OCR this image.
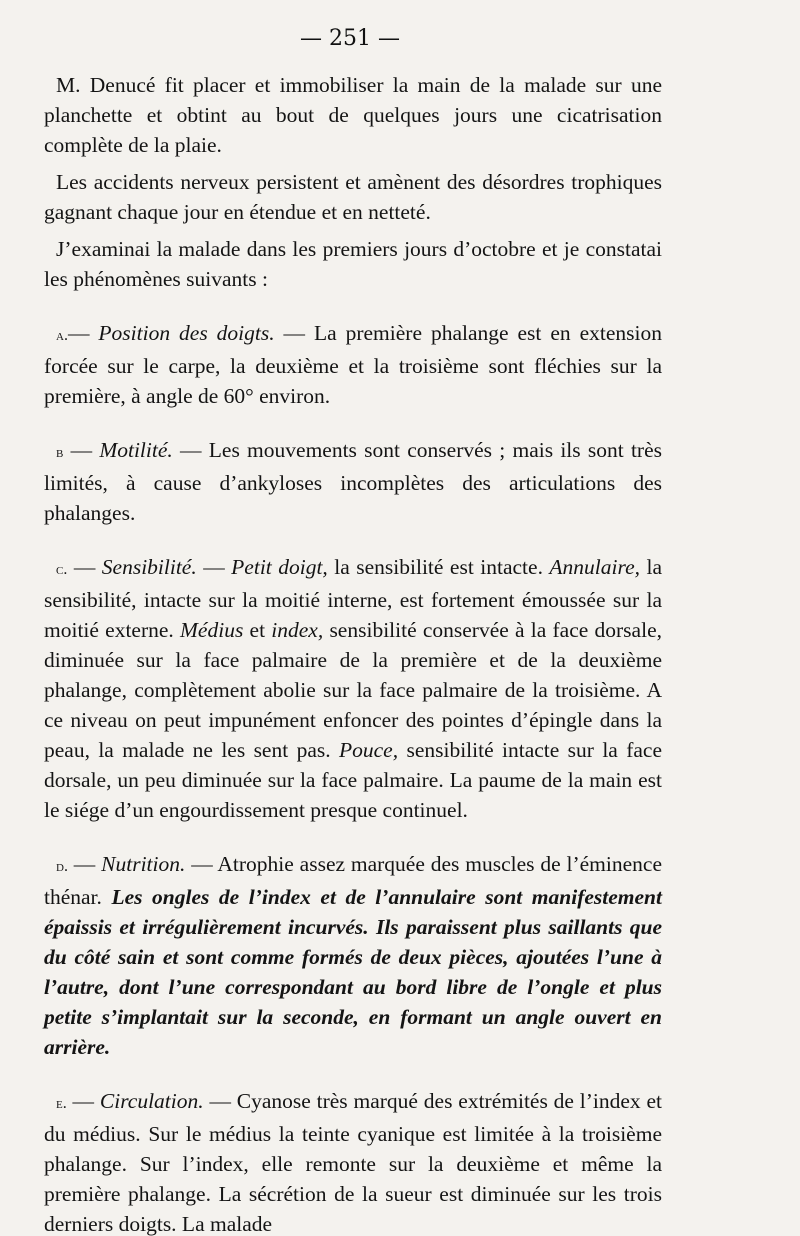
— 251 —

M. Denucé fit placer et immobiliser la main de la malade sur une planchette et obtint au bout de quelques jours une cicatrisation complète de la plaie.

Les accidents nerveux persistent et amènent des désordres trophiques gagnant chaque jour en étendue et en netteté.

J’examinai la malade dans les premiers jours d’octobre et je constatai les phénomènes suivants :

a.— Position des doigts. — La première phalange est en extension forcée sur le carpe, la deuxième et la troisième sont fléchies sur la première, à angle de 60° environ.

b — Motilité. — Les mouvements sont conservés ; mais ils sont très limités, à cause d’ankyloses incomplètes des articulations des phalanges.

c. — Sensibilité. — Petit doigt, la sensibilité est intacte. Annulaire, la sensibilité, intacte sur la moitié interne, est fortement émoussée sur la moitié externe. Médius et index, sensibilité conservée à la face dorsale, diminuée sur la face palmaire de la première et de la deuxième phalange, complètement abolie sur la face palmaire de la troisième. A ce niveau on peut impunément enfoncer des pointes d’épingle dans la peau, la malade ne les sent pas. Pouce, sensibilité intacte sur la face dorsale, un peu diminuée sur la face palmaire. La paume de la main est le siége d’un engourdissement presque continuel.

d. — Nutrition. — Atrophie assez marquée des muscles de l’éminence thénar. Les ongles de l’index et de l’annulaire sont manifestement épaissis et irrégulièrement incurvés. Ils paraissent plus saillants que du côté sain et sont comme formés de deux pièces, ajoutées l’une à l’autre, dont l’une correspondant au bord libre de l’ongle et plus petite s’implantait sur la seconde, en formant un angle ouvert en arrière.

e. — Circulation. — Cyanose très marqué des extrémités de l’index et du médius. Sur le médius la teinte cyanique est limitée à la troisième phalange. Sur l’index, elle remonte sur la deuxième et même la première phalange. La sécrétion de la sueur est diminuée sur les trois derniers doigts. La malade
